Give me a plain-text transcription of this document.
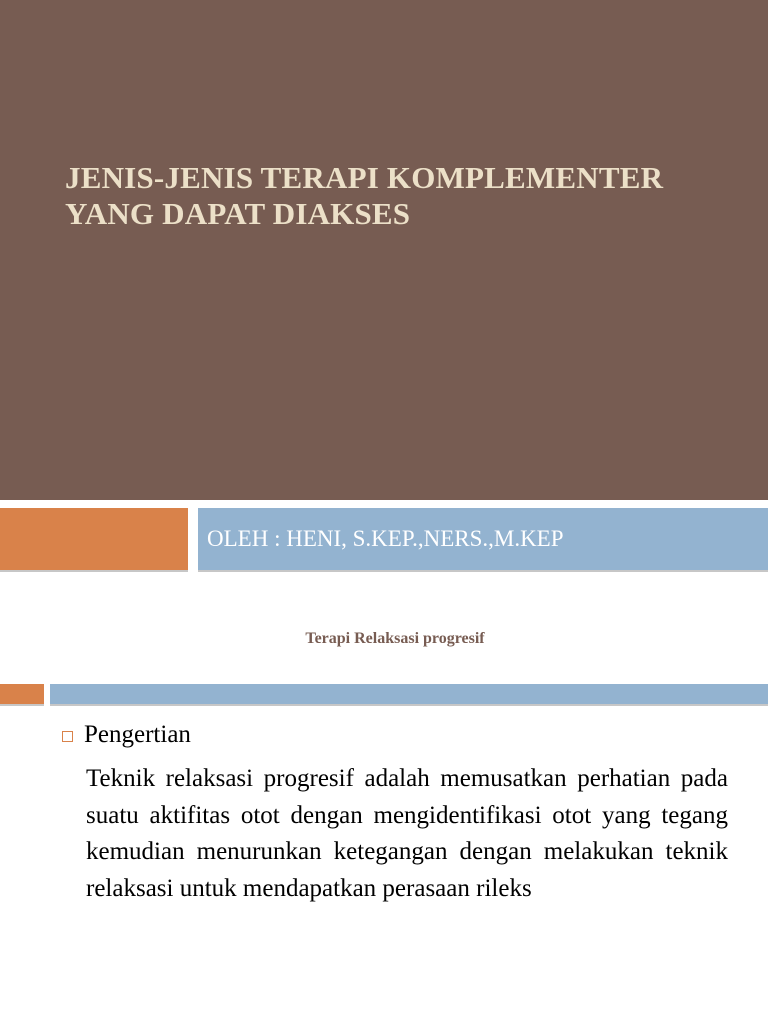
JENIS-JENIS TERAPI KOMPLEMENTER
YANG DAPAT DIAKSES
OLEH : HENI, S.KEP.,NERS.,M.KEP
Terapi Relaksasi progresif
Pengertian

Teknik relaksasi progresif adalah memusatkan perhatian pada suatu aktifitas otot dengan mengidentifikasi otot yang tegang kemudian menurunkan ketegangan dengan melakukan teknik relaksasi untuk mendapatkan perasaan rileks
